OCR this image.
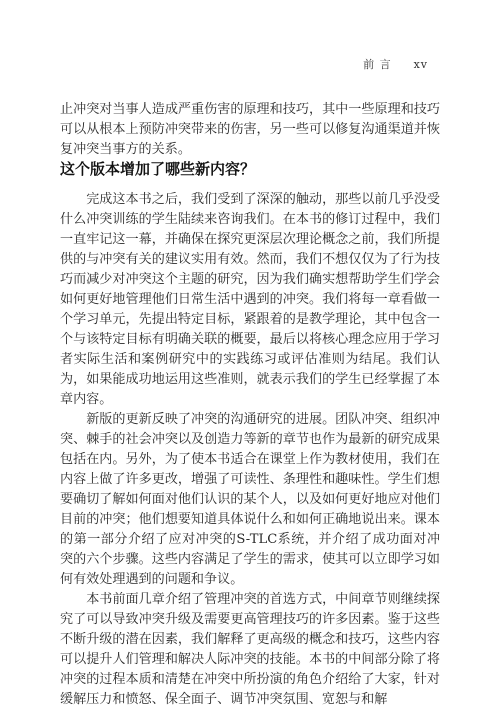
前 言 xv

止冲突对当事人造成严重伤害的原理和技巧，其中一些原理和技巧可以从根本上预防冲突带来的伤害，另一些可以修复沟通渠道并恢复冲突当事方的关系。

这个版本增加了哪些新内容？

完成这本书之后，我们受到了深深的触动，那些以前几乎没受什么冲突训练的学生陆续来咨询我们。在本书的修订过程中，我们一直牢记这一幕，并确保在探究更深层次理论概念之前，我们所提供的与冲突有关的建议实用有效。然而，我们不想仅仅为了行为技巧而减少对冲突这个主题的研究，因为我们确实想帮助学生们学会如何更好地管理他们日常生活中遇到的冲突。我们将每一章看做一个学习单元，先提出特定目标，紧跟着的是教学理论，其中包含一个与该特定目标有明确关联的概要，最后以将核心理念应用于学习者实际生活和案例研究中的实践练习或评估准则为结尾。我们认为，如果能成功地运用这些准则，就表示我们的学生已经掌握了本章内容。

新版的更新反映了冲突的沟通研究的进展。团队冲突、组织冲突、棘手的社会冲突以及创造力等新的章节也作为最新的研究成果包括在内。另外，为了使本书适合在课堂上作为教材使用，我们在内容上做了许多更改，增强了可读性、条理性和趣味性。学生们想要确切了解如何面对他们认识的某个人，以及如何更好地应对他们目前的冲突；他们想要知道具体说什么和如何正确地说出来。课本的第一部分介绍了应对冲突的S-TLC系统，并介绍了成功面对冲突的六个步骤。这些内容满足了学生的需求，使其可以立即学习如何有效处理遇到的问题和争议。

本书前面几章介绍了管理冲突的首选方式，中间章节则继续探究了可以导致冲突升级及需要更高管理技巧的许多因素。鉴于这些不断升级的潜在因素，我们解释了更高级的概念和技巧，这些内容可以提升人们管理和解决人际冲突的技能。本书的中间部分除了将冲突的过程本质和清楚在冲突中所扮演的角色介绍给了大家，针对缓解压力和愤怒、保全面子、调节冲突氛围、宽恕与和解
